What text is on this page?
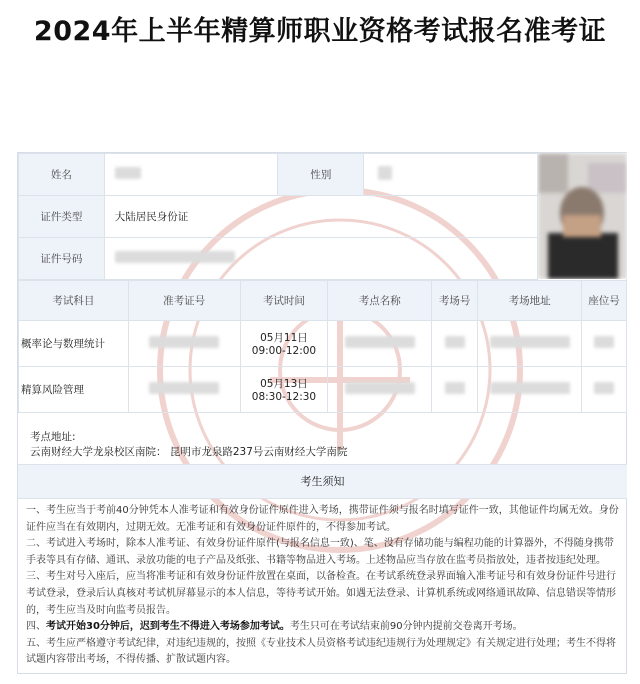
2024年上半年精算师职业资格考试报名准考证
姓名		性别	
证件类型	大陆居民身份证		
证件号码			
考试科目	准考证号	考试时间	考点名称	考场号	考场地址	座位号
概率论与数理统计		05月11日
09:00-12:00				

精算风险管理		05月13日
08:30-12:30				

考点地址:
云南财经大学龙泉校区南院： 昆明市龙泉路237号云南财经大学南院
考生须知

一、考生应当于考前40分钟凭本人准考证和有效身份证件原件进入考场，携带证件须与报名时填写证件一致，其他证件均属无效。身份证件应当在有效期内，过期无效。无准考证和有效身份证件原件的，不得参加考试。

二、考试进入考场时，除本人准考证、有效身份证件原件(与报名信息一致)、笔、没有存储功能与编程功能的计算器外，不得随身携带手表等具有存储、通讯、录放功能的电子产品及纸张、书籍等物品进入考场。上述物品应当存放在监考员指放处，违者按违纪处理。

三、考生对号入座后，应当将准考证和有效身份证件放置在桌面，以备检查。在考试系统登录界面输入准考证号和有效身份证件号进行考试登录，登录后认真核对考试机屏幕显示的本人信息，等待考试开始。如遇无法登录、计算机系统或网络通讯故障、信息错误等情形的，考生应当及时向监考员报告。

四、考试开始30分钟后，迟到考生不得进入考场参加考试。考生只可在考试结束前90分钟内提前交卷离开考场。

五、考生应严格遵守考试纪律，对违纪违规的，按照《专业技术人员资格考试违纪违规行为处理规定》有关规定进行处理；考生不得将试题内容带出考场，不得传播、扩散试题内容。
